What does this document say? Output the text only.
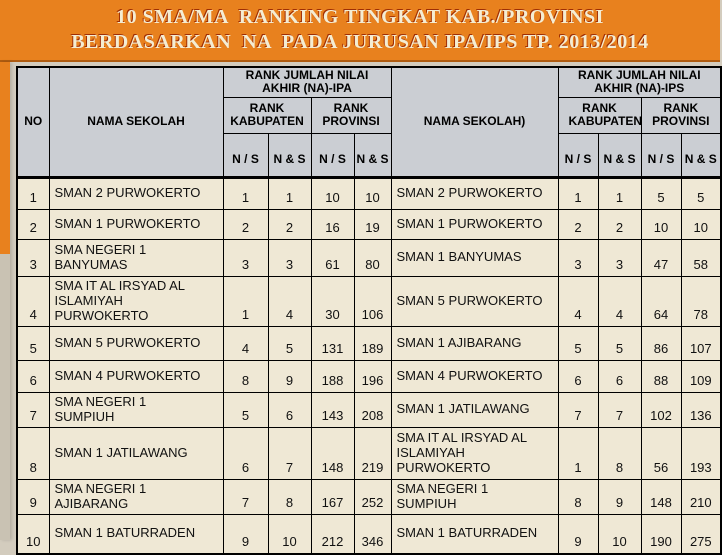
10 SMA/MA  RANKING TINGKAT KAB./PROVINSI
BERDASARKAN  NA  PADA JURUSAN IPA/IPS TP. 2013/2014
NO	NAMA SEKOLAH	RANK JUMLAH NILAI AKHIR (NA)-IPA				NAMA SEKOLAH)	RANK JUMLAH NILAI AKHIR (NA)-IPS			
		RANK KABUPATEN		RANK PROVINSI			RANK KABUPATEN		RANK PROVINSI	
		N / S	N & S	N / S	N & S		N / S	N & S	N / S	N & S
1	SMAN 2 PURWOKERTO	1	1	10	10	SMAN 2 PURWOKERTO	1	1	5	5
2	SMAN 1 PURWOKERTO	2	2	16	19	SMAN 1 PURWOKERTO	2	2	10	10
3	SMA NEGERI 1 BANYUMAS	3	3	61	80	SMAN 1 BANYUMAS	3	3	47	58
4	SMA IT AL IRSYAD AL ISLAMIYAH PURWOKERTO	1	4	30	106	SMAN 5 PURWOKERTO	4	4	64	78
5	SMAN 5 PURWOKERTO	4	5	131	189	SMAN 1 AJIBARANG	5	5	86	107
6	SMAN 4 PURWOKERTO	8	9	188	196	SMAN 4 PURWOKERTO	6	6	88	109
7	SMA NEGERI 1 SUMPIUH	5	6	143	208	SMAN 1 JATILAWANG	7	7	102	136
8	SMAN 1 JATILAWANG	6	7	148	219	SMA IT AL IRSYAD AL ISLAMIYAH PURWOKERTO	1	8	56	193
9	SMA NEGERI 1 AJIBARANG	7	8	167	252	SMA NEGERI 1 SUMPIUH	8	9	148	210
10	SMAN 1 BATURRADEN	9	10	212	346	SMAN 1 BATURRADEN	9	10	190	275
